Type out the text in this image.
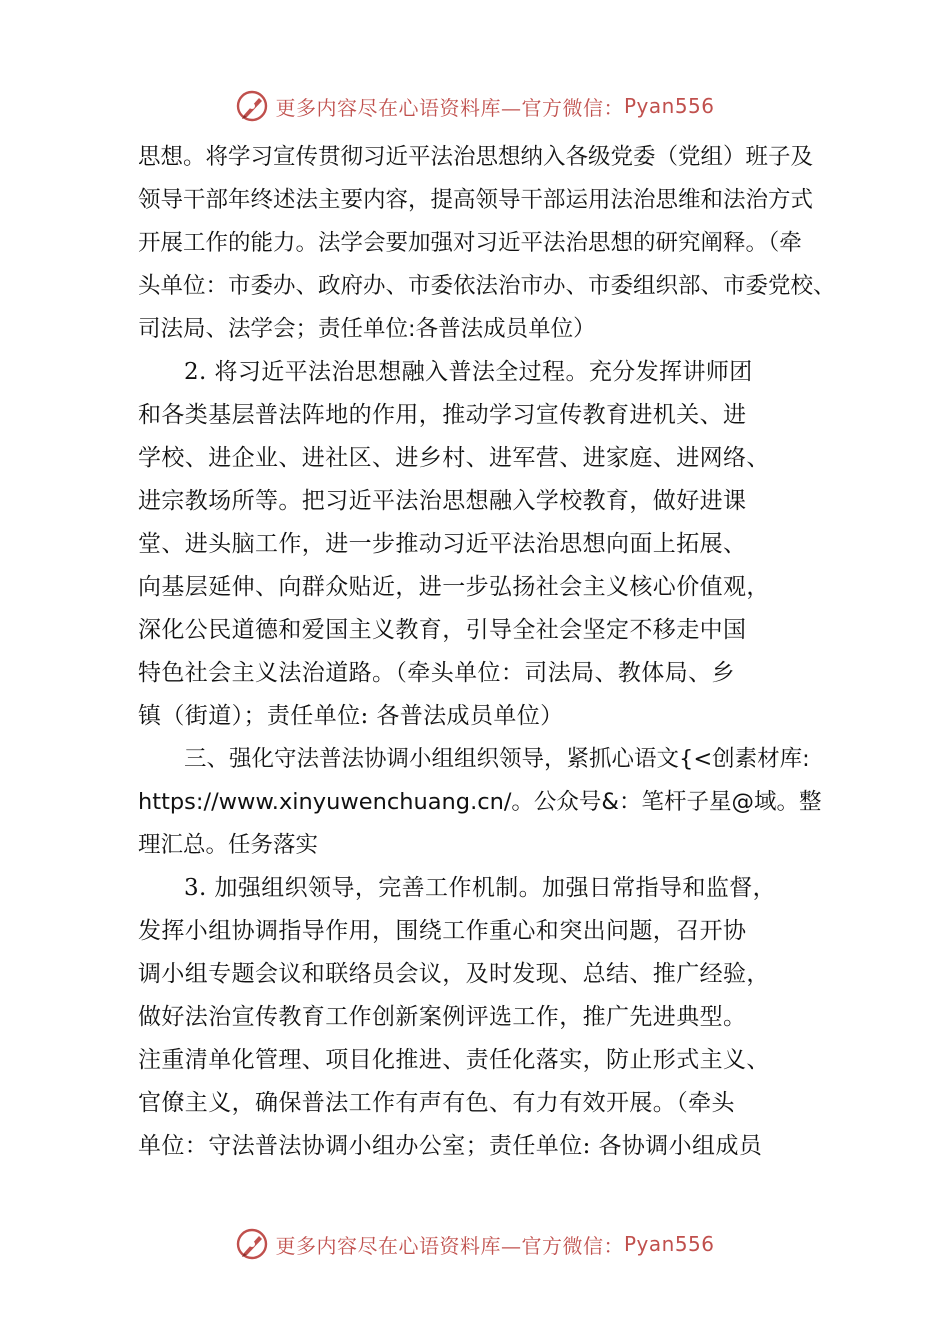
更多内容尽在心语资料库—官方微信： Pyan556
思想。将学习宣传贯彻习近平法治思想纳入各级党委（党组）班子及
领导干部年终述法主要内容，提高领导干部运用法治思维和法治方式
开展工作的能力。法学会要加强对习近平法治思想的研究阐释。（牵
头单位：市委办、政府办、市委依法治市办、市委组织部、市委党校、
司法局、法学会；责任单位:各普法成员单位）
2. 将习近平法治思想融入普法全过程。充分发挥讲师团
和各类基层普法阵地的作用，推动学习宣传教育进机关、进
学校、进企业、进社区、进乡村、进军营、进家庭、进网络、
进宗教场所等。把习近平法治思想融入学校教育，做好进课
堂、进头脑工作，进一步推动习近平法治思想向面上拓展、
向基层延伸、向群众贴近，进一步弘扬社会主义核心价值观，
深化公民道德和爱国主义教育，引导全社会坚定不移走中国
特色社会主义法治道路。（牵头单位：司法局、教体局、乡
镇（街道）；责任单位: 各普法成员单位）
三、强化守法普法协调小组组织领导，紧抓心语文{<创素材库:
https://www.xinyuwenchuang.cn/。公众号&：笔杆子星@域。整
理汇总。任务落实
3. 加强组织领导，完善工作机制。加强日常指导和监督，
发挥小组协调指导作用，围绕工作重心和突出问题，召开协
调小组专题会议和联络员会议，及时发现、总结、推广经验，
做好法治宣传教育工作创新案例评选工作，推广先进典型。
注重清单化管理、项目化推进、责任化落实，防止形式主义、
官僚主义，确保普法工作有声有色、有力有效开展。（牵头
单位：守法普法协调小组办公室；责任单位: 各协调小组成员
更多内容尽在心语资料库—官方微信： Pyan556
